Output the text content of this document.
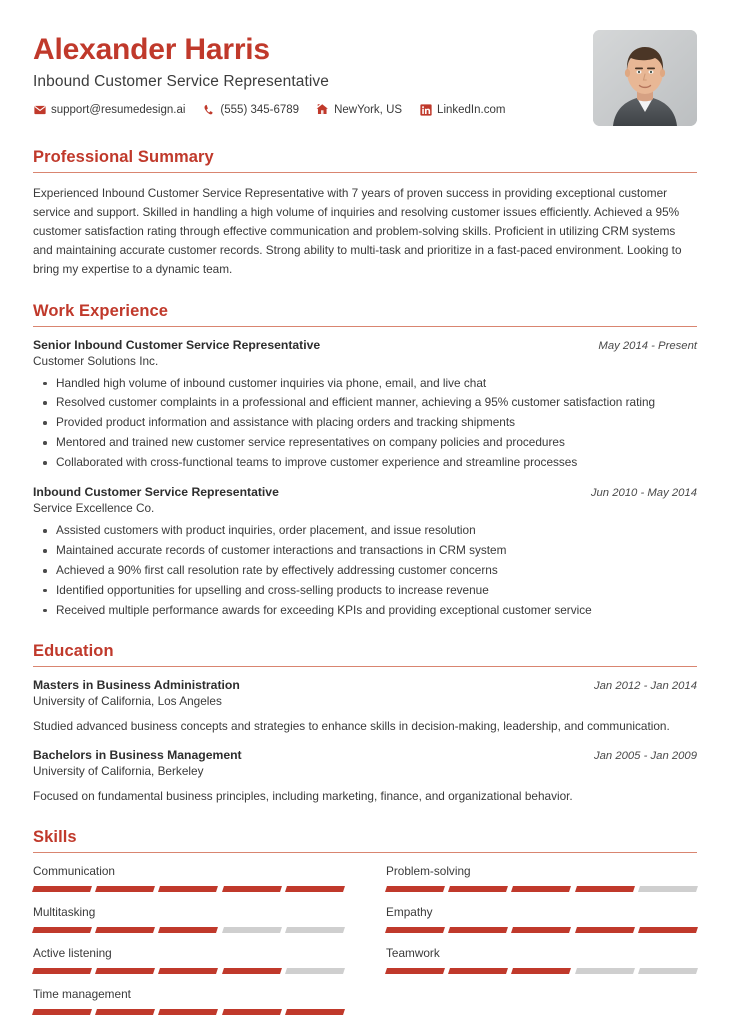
Alexander Harris
Inbound Customer Service Representative
support@resumedesign.ai	(555) 345-6789	NewYork, US	LinkedIn.com
Professional Summary

Experienced Inbound Customer Service Representative with 7 years of proven success in providing exceptional customer service and support. Skilled in handling a high volume of inquiries and resolving customer issues efficiently. Achieved a 95% customer satisfaction rating through effective communication and problem-solving skills. Proficient in utilizing CRM systems and maintaining accurate customer records. Strong ability to multi-task and prioritize in a fast-paced environment. Looking to bring my expertise to a dynamic team.

Work Experience
Senior Inbound Customer Service Representative	May 2014 - Present
Customer Solutions Inc.
Handled high volume of inbound customer inquiries via phone, email, and live chat
Resolved customer complaints in a professional and efficient manner, achieving a 95% customer satisfaction rating
Provided product information and assistance with placing orders and tracking shipments
Mentored and trained new customer service representatives on company policies and procedures
Collaborated with cross-functional teams to improve customer experience and streamline processes
Inbound Customer Service Representative	Jun 2010 - May 2014
Service Excellence Co.
Assisted customers with product inquiries, order placement, and issue resolution
Maintained accurate records of customer interactions and transactions in CRM system
Achieved a 90% first call resolution rate by effectively addressing customer concerns
Identified opportunities for upselling and cross-selling products to increase revenue
Received multiple performance awards for exceeding KPIs and providing exceptional customer service
Education
Masters in Business Administration	Jan 2012 - Jan 2014
University of California, Los Angeles

Studied advanced business concepts and strategies to enhance skills in decision-making, leadership, and communication.

Bachelors in Business Management	Jan 2005 - Jan 2009
University of California, Berkeley

Focused on fundamental business principles, including marketing, finance, and organizational behavior.

Skills
Communication	Problem-solving
Multitasking	Empathy
Active listening	Teamwork
Time management
